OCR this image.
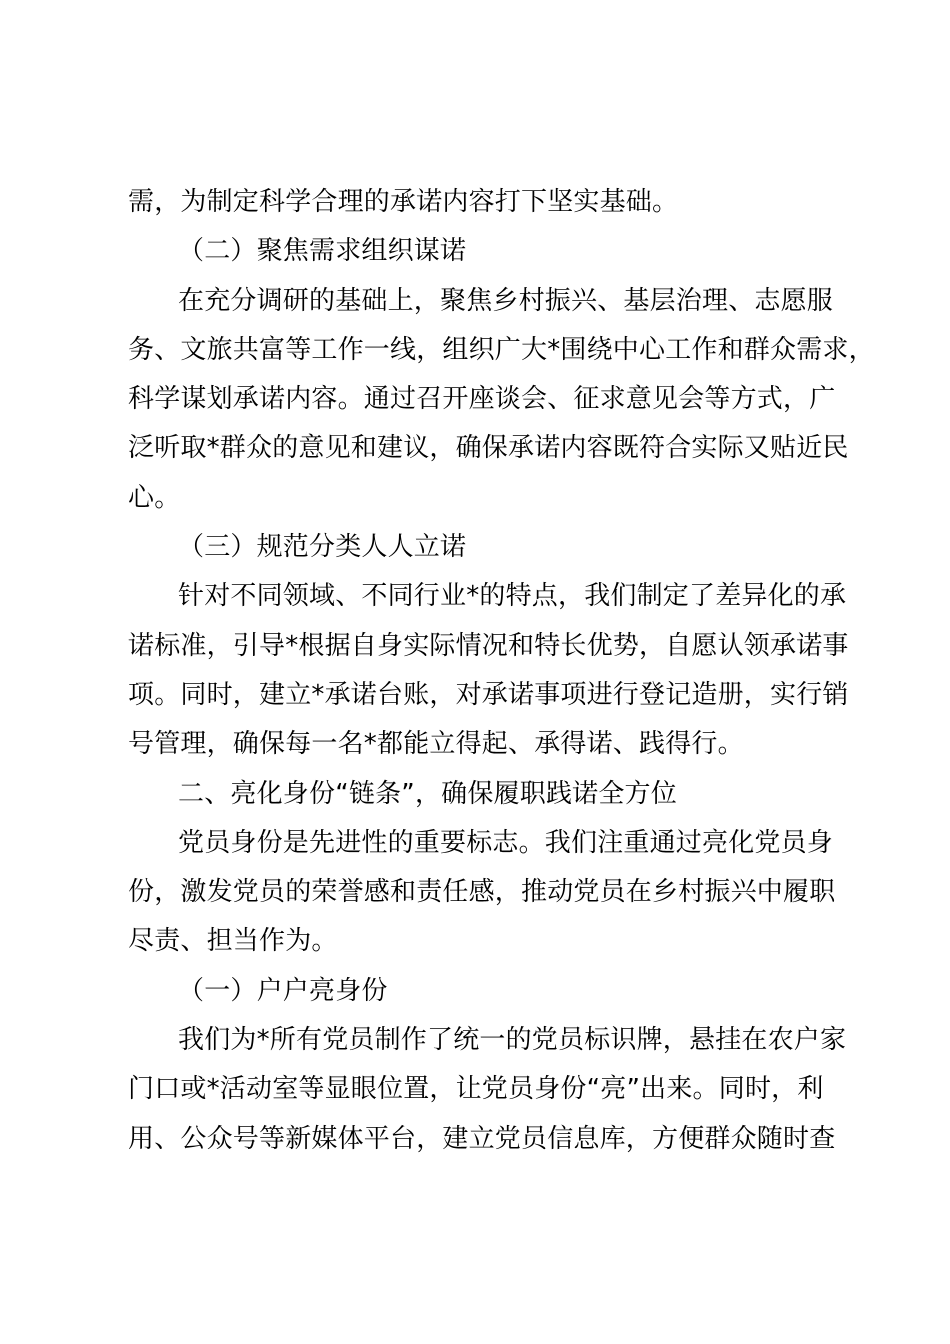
需，为制定科学合理的承诺内容打下坚实基础。
（二）聚焦需求组织谋诺
在充分调研的基础上，聚焦乡村振兴、基层治理、志愿服
务、文旅共富等工作一线，组织广大*围绕中心工作和群众需求，
科学谋划承诺内容。通过召开座谈会、征求意见会等方式，广
泛听取*群众的意见和建议，确保承诺内容既符合实际又贴近民
心。
（三）规范分类人人立诺
针对不同领域、不同行业*的特点，我们制定了差异化的承
诺标准，引导*根据自身实际情况和特长优势，自愿认领承诺事
项。同时，建立*承诺台账，对承诺事项进行登记造册，实行销
号管理，确保每一名*都能立得起、承得诺、践得行。
二、亮化身份“链条”，确保履职践诺全方位
党员身份是先进性的重要标志。我们注重通过亮化党员身
份，激发党员的荣誉感和责任感，推动党员在乡村振兴中履职
尽责、担当作为。
（一）户户亮身份
我们为*所有党员制作了统一的党员标识牌，悬挂在农户家
门口或*活动室等显眼位置，让党员身份“亮”出来。同时，利
用、公众号等新媒体平台，建立党员信息库，方便群众随时查
